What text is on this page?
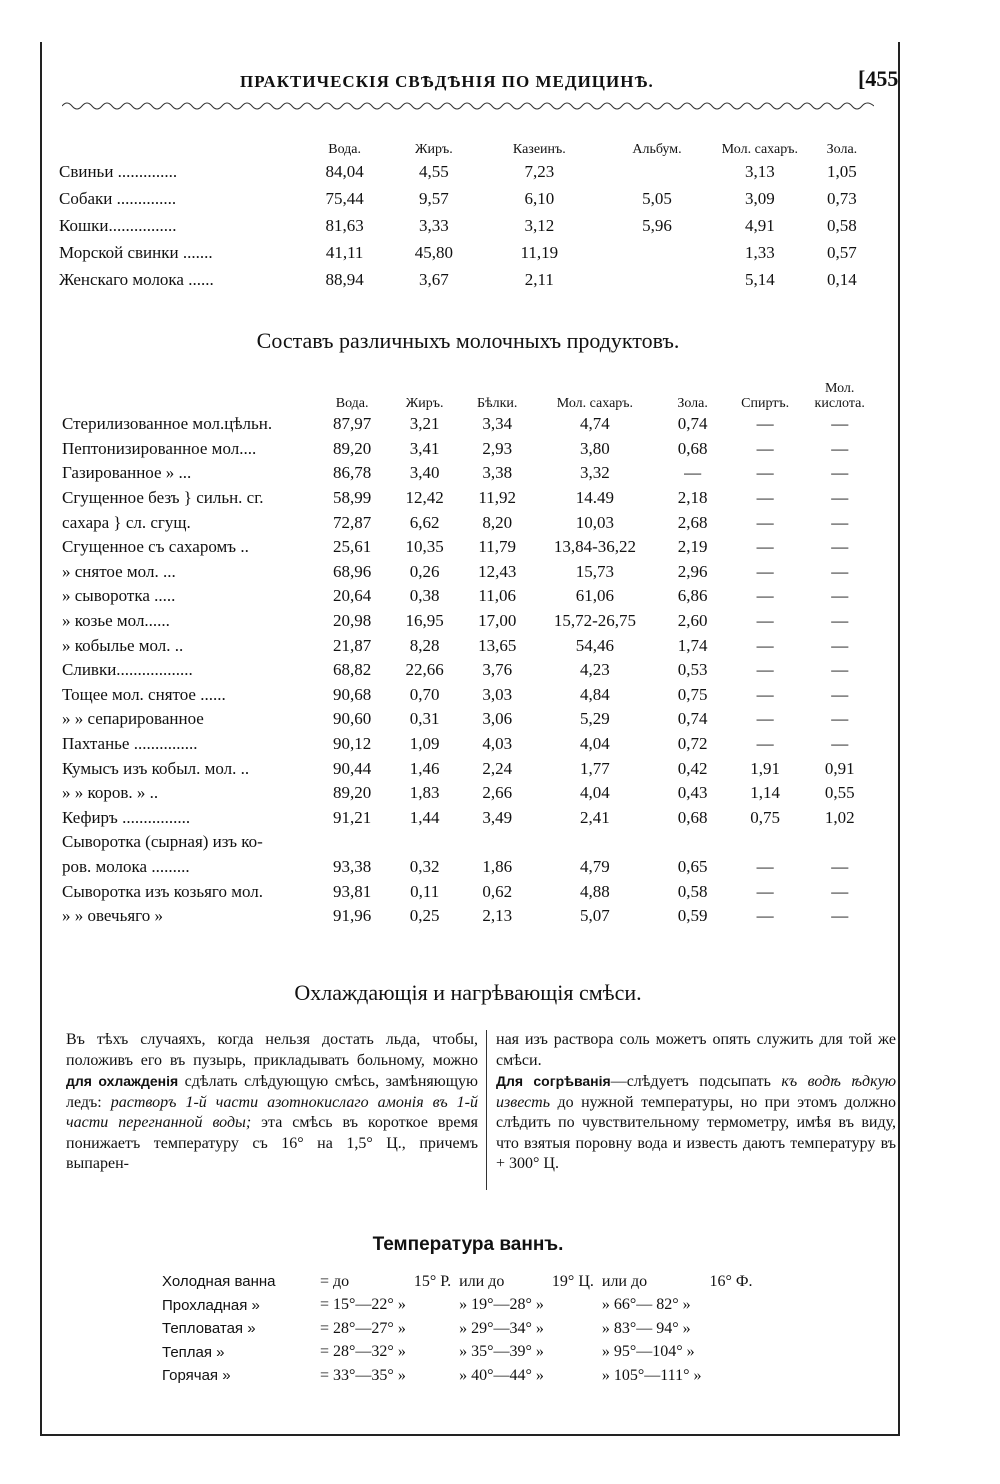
ПРАКТИЧЕСКІЯ СВѢДѢНІЯ ПО МЕДИЦИНѢ.	[455
	Вода.	Жиръ.	Казеинъ.	Альбум.	Мол. сахаръ.	Зола.
Свиньи ..............	84,04	4,55	7,23		3,13	1,05
Собаки ..............	75,44	9,57	6,10	5,05	3,09	0,73
Кошки................	81,63	3,33	3,12	5,96	4,91	0,58
Морской свинки .......	41,11	45,80	11,19		1,33	0,57
Женскаго молока ......	88,94	3,67	2,11		5,14	0,14
Составъ различныхъ молочныхъ продуктовъ.
	Вода.	Жиръ.	Бѣлки.	Мол. сахаръ.	Зола.	Спиртъ.	Мол. кислота.
Стерилизованное мол.цѣльн.	87,97	3,21	3,34	4,74	0,74	—	—
Пептонизированное мол....	89,20	3,41	2,93	3,80	0,68	—	—
Газированное » ...	86,78	3,40	3,38	3,32	—	—	—
Сгущенное безъ } сильн. сг.	58,99	12,42	11,92	14.49	2,18	—	—
сахара } сл. сгущ.	72,87	6,62	8,20	10,03	2,68	—	—
Сгущенное съ сахаромъ ..	25,61	10,35	11,79	13,84-36,22	2,19	—	—
» снятое мол. ...	68,96	0,26	12,43	15,73	2,96	—	—
» сыворотка .....	20,64	0,38	11,06	61,06	6,86	—	—
» козье мол......	20,98	16,95	17,00	15,72-26,75	2,60	—	—
» кобылье мол. ..	21,87	8,28	13,65	54,46	1,74	—	—
Сливки..................	68,82	22,66	3,76	4,23	0,53	—	—
Тощее мол. снятое ......	90,68	0,70	3,03	4,84	0,75	—	—
» » сепарированное	90,60	0,31	3,06	5,29	0,74	—	—
Пахтанье ...............	90,12	1,09	4,03	4,04	0,72	—	—
Кумысъ изъ кобыл. мол. ..	90,44	1,46	2,24	1,77	0,42	1,91	0,91
» » коров. » ..	89,20	1,83	2,66	4,04	0,43	1,14	0,55
Кефиръ ................	91,21	1,44	3,49	2,41	0,68	0,75	1,02
Сыворотка (сырная) изъ ко-							
ров. молока .........	93,38	0,32	1,86	4,79	0,65	—	—
Сыворотка изъ козьяго мол.	93,81	0,11	0,62	4,88	0,58	—	—
» » овечьяго »	91,96	0,25	2,13	5,07	0,59	—	—
Охлаждающія и нагрѣвающія смѣси.
Въ тѣхъ случаяхъ, когда нельзя достать льда, чтобы, положивъ его въ пузырь, прикладывать больному, можно для охлажденія сдѣлать слѣдующую смѣсь, замѣняющую ледъ: растворъ 1-й части азотнокислаго амонія въ 1-й части перегнанной воды; эта смѣсь въ короткое время понижаетъ температуру съ 16° на 1,5° Ц., причемъ выпарен-
ная изъ раствора соль можетъ опять служить для той же смѣси.
Для согрѣванія—слѣдуетъ подсыпать къ водѣ ѣдкую известь до нужной температуры, но при этомъ должно слѣдить по чувствительному термометру, имѣя въ виду, что взятыя поровну вода и известь даютъ температуру въ + 300° Ц.
Температура ваннъ.
Холодная ванна	= до	15° Р.	или до	19° Ц.	или до	16° Ф.
Прохладная »	= 15°—22° »		» 19°—28° »		» 66°— 82° »	
Тепловатая »	= 28°—27° »		» 29°—34° »		» 83°— 94° »	
Теплая »	= 28°—32° »		» 35°—39° »		» 95°—104° »	
Горячая »	= 33°—35° »		» 40°—44° »		» 105°—111° »	
